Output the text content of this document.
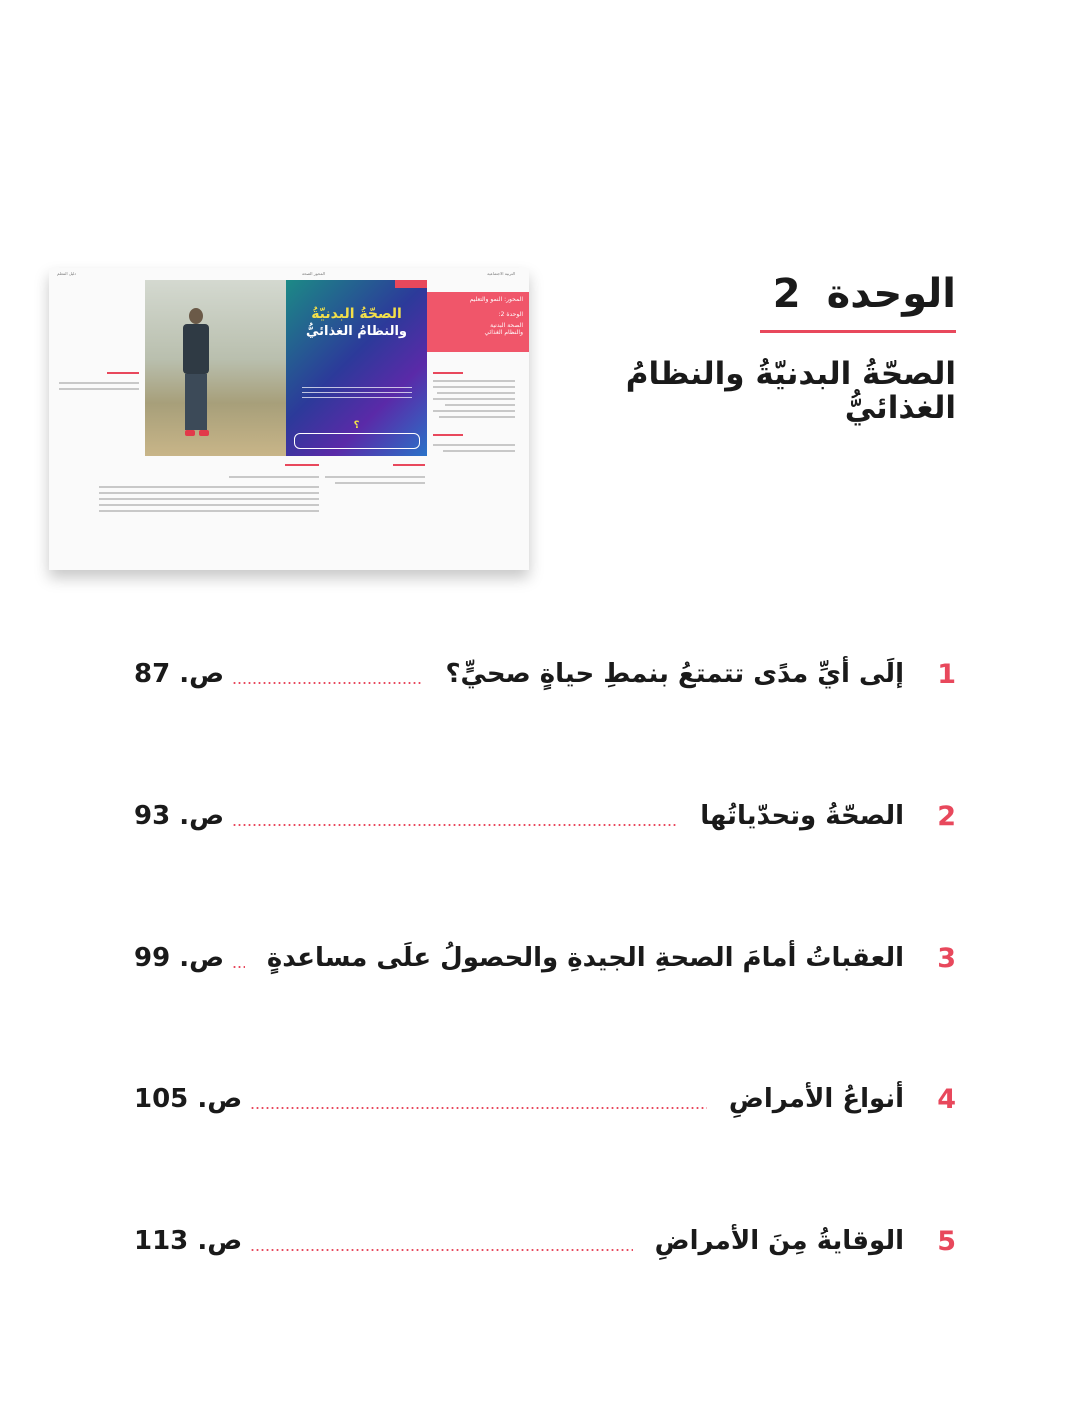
الوحدة2
الصحّةُ البدنيّةُ والنظامُ
الغذائيُّ
التربية الاجتماعية
المحور الصحة
دليل المعلم
المحور: النمو والتعليم
الوحدة 2:
الصحة البدنية
والنظام الغذائي
الصحّةُ البدنيّةُ
والنظامُ الغذائيُّ
؟
1
إلَى أيِّ مدًى تتمتعُ بنمطِ حياةٍ صحيٍّ؟
ص. 87
2
الصحّةُ وتحدّياتُها
ص. 93
3
العقباتُ أمامَ الصحةِ الجيدةِ والحصولُ علَى مساعدةٍ
ص. 99
4
أنواعُ الأمراضِ
ص. 105
5
الوقايةُ مِنَ الأمراضِ
ص. 113
